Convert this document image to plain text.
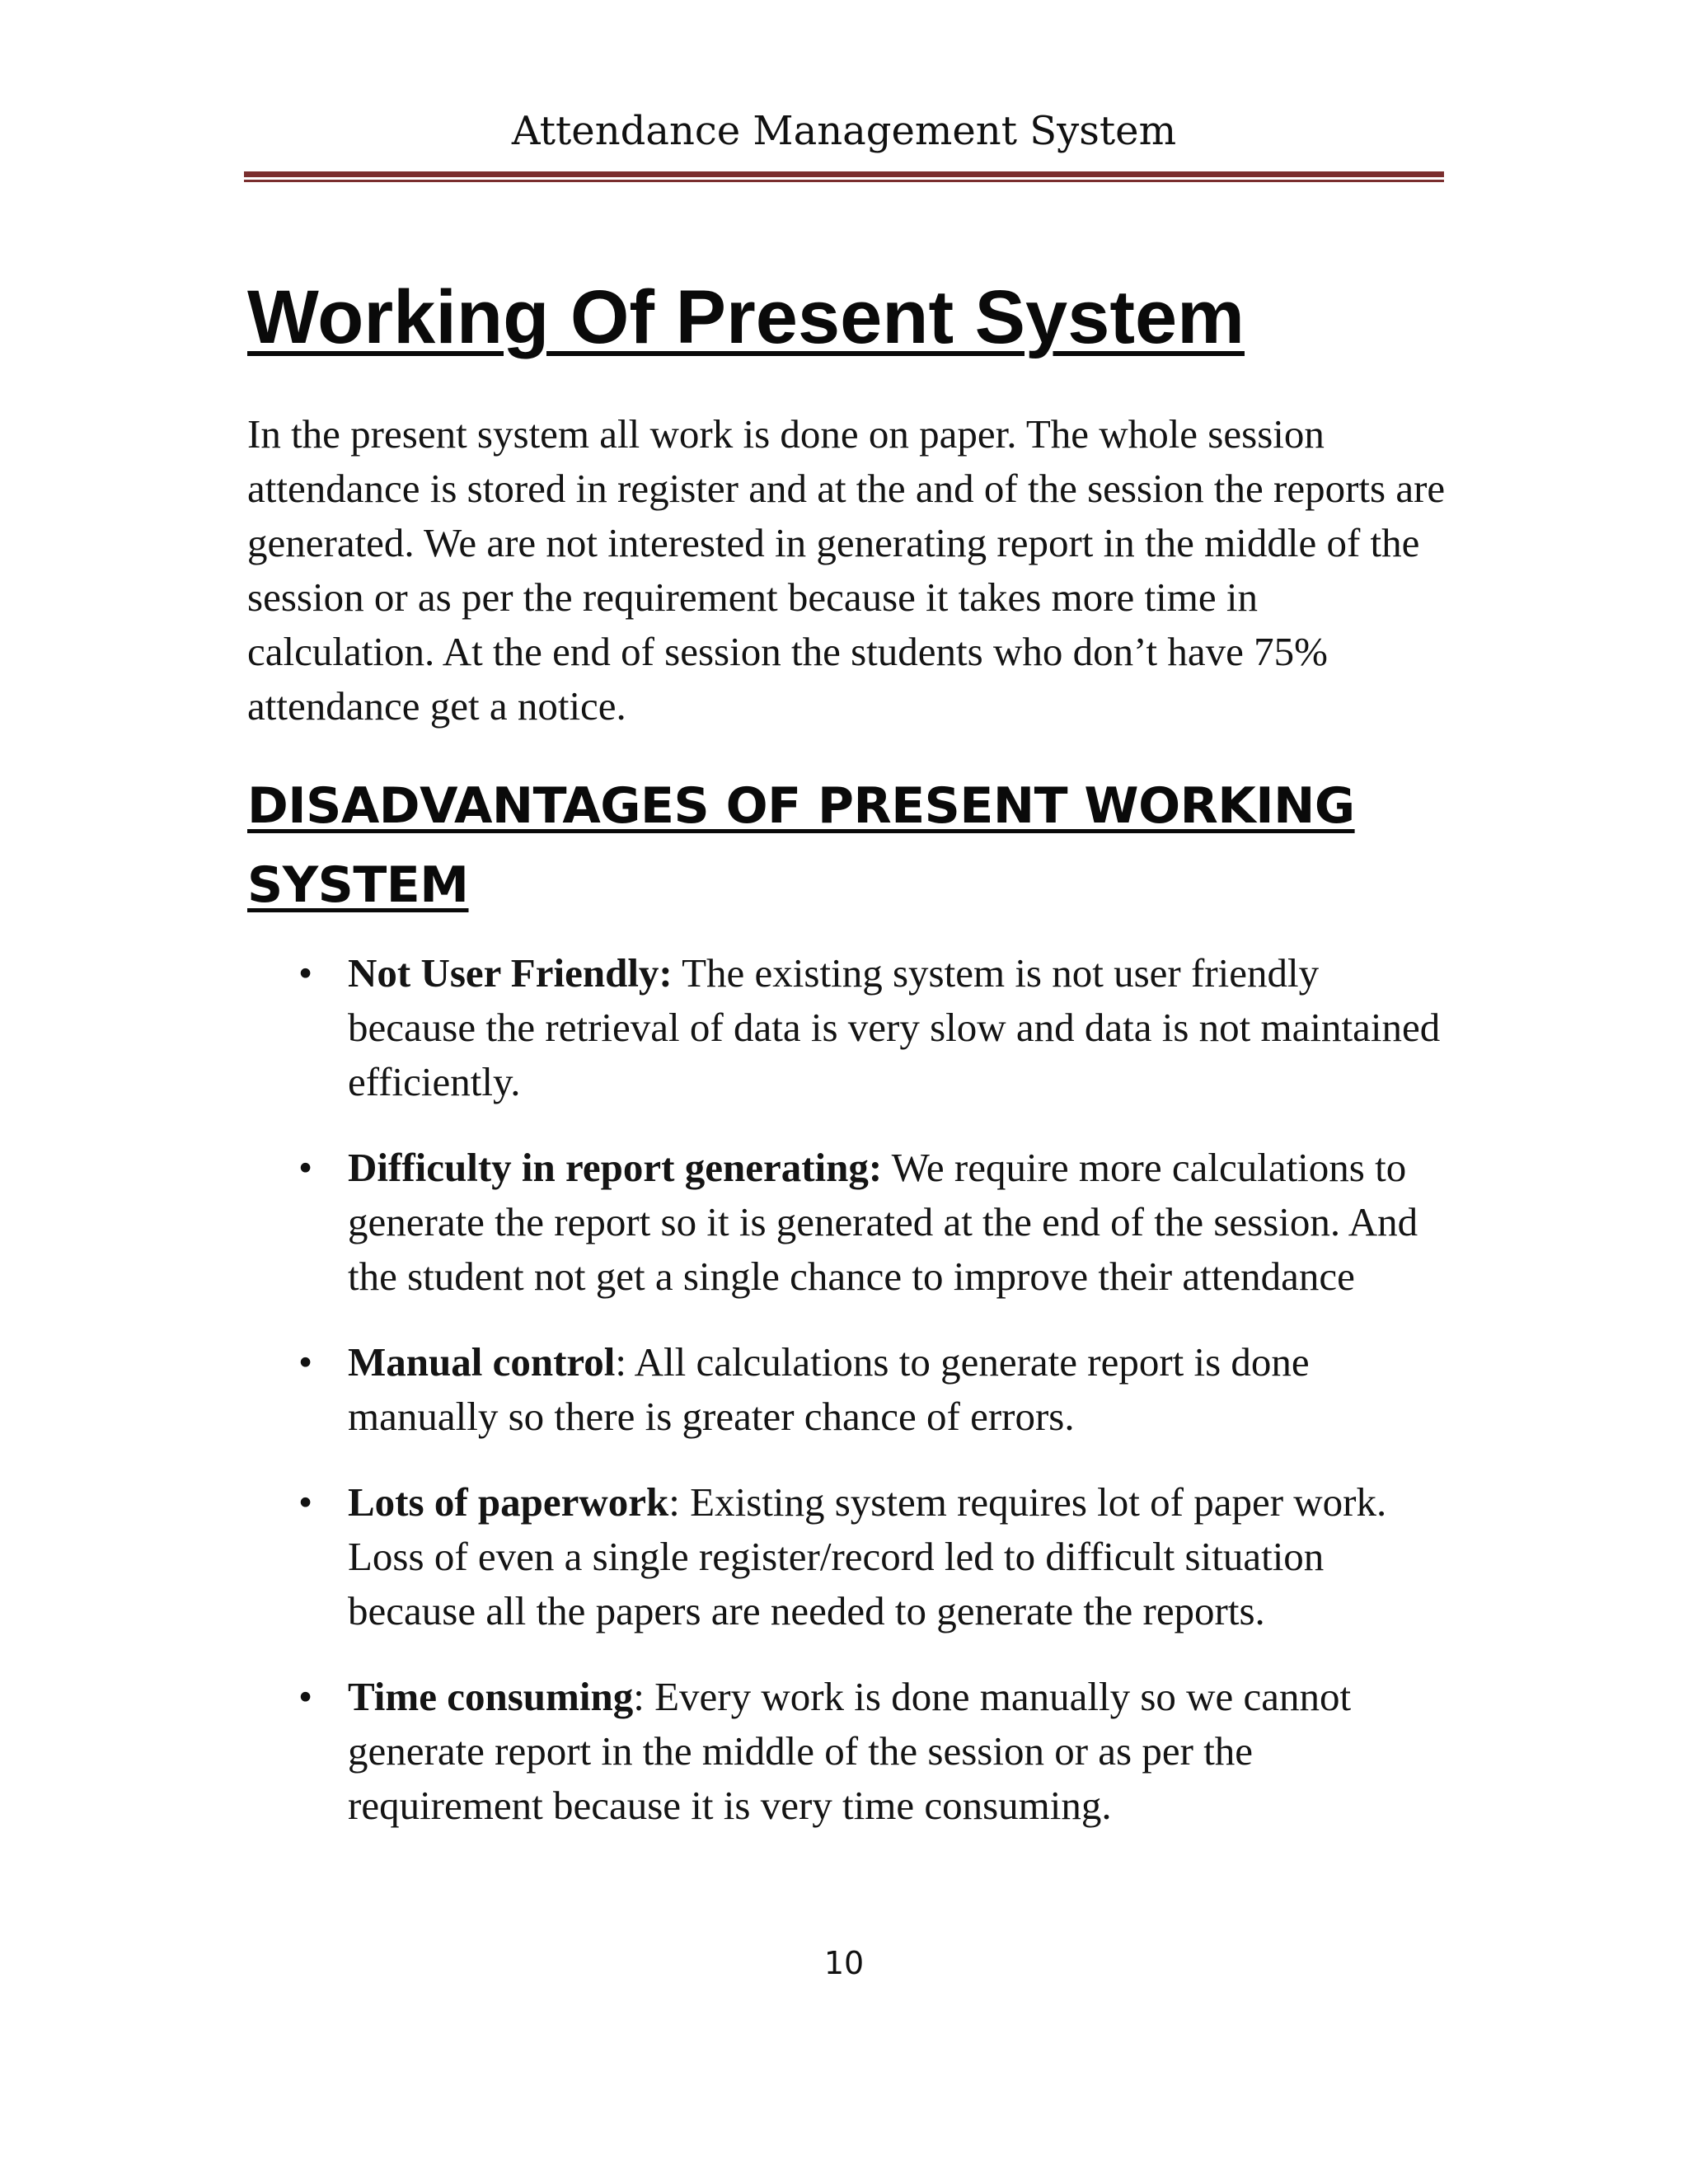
Attendance Management System

Working Of Present System

In the present system all work is done on paper. The whole session attendance is stored in register and at the and of the session the reports are generated. We are not interested in generating report in the middle of the session or as per the requirement because it takes more time in calculation. At the end of session the students who don’t have 75% attendance get a notice.

DISADVANTAGES OF PRESENT WORKING SYSTEM
• Not User Friendly: The existing system is not user friendly because the retrieval of data is very slow and data is not maintained efficiently.
• Difficulty in report generating: We require more calculations to generate the report so it is generated at the end of the session. And the student not get a single chance to improve their attendance
• Manual control: All calculations to generate report is done manually so there is greater chance of errors.
• Lots of paperwork: Existing system requires lot of paper work. Loss of even a single register/record led to difficult situation because all the papers are needed to generate the reports.
• Time consuming: Every work is done manually so we cannot generate report in the middle of the session or as per the requirement because it is very time consuming.

10
